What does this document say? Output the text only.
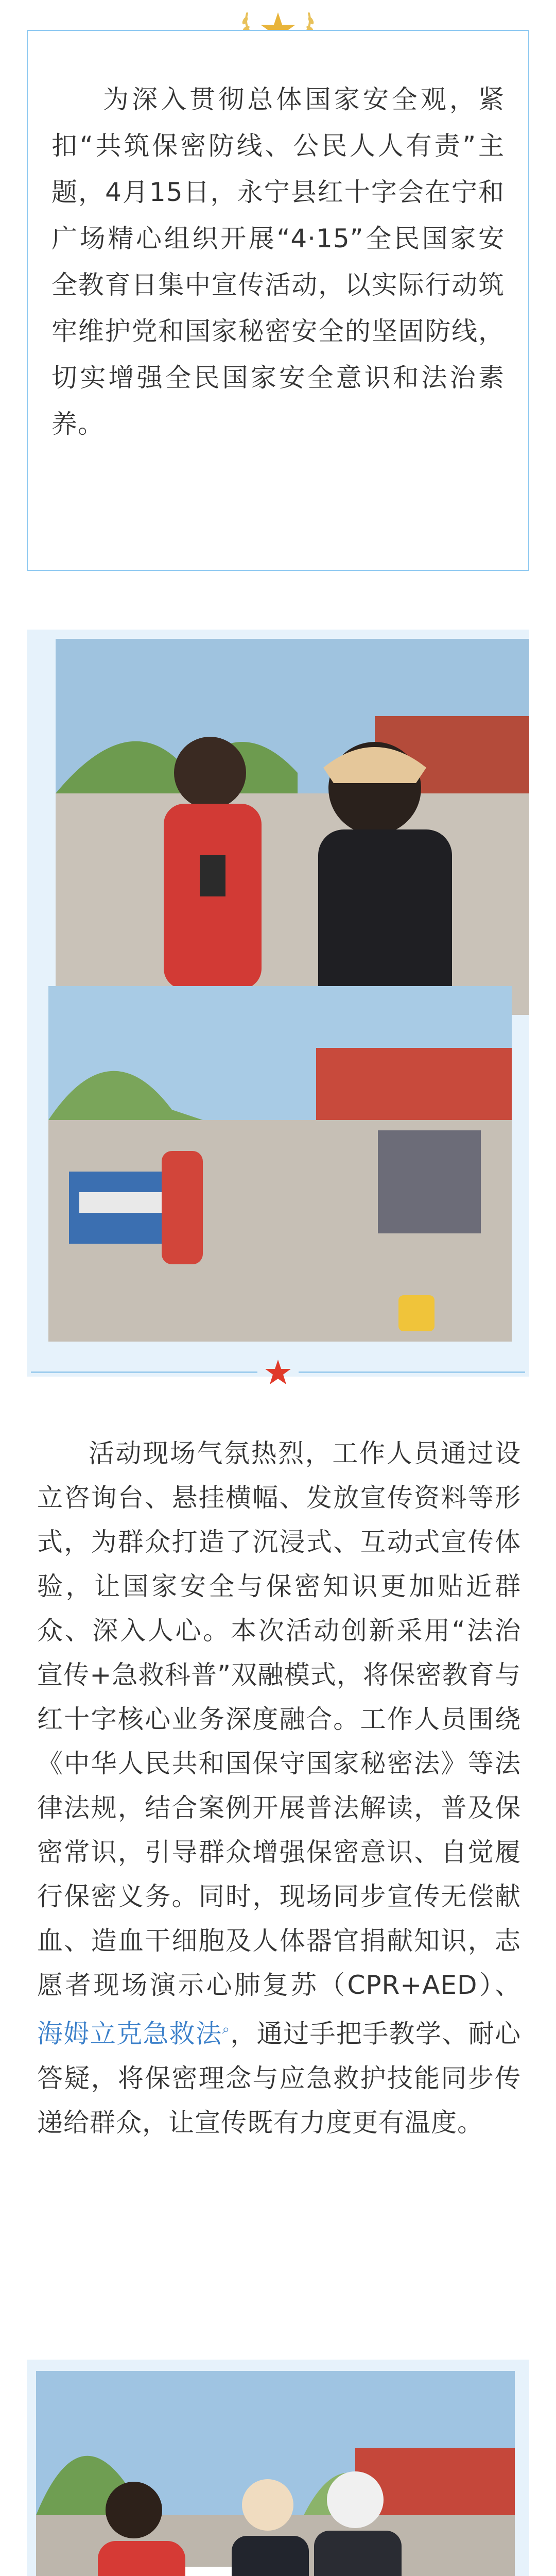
为深入贯彻总体国家安全观，紧扣“共筑保密防线、公民人人有责”主题，4月15日，永宁县红十字会在宁和广场精心组织开展“4·15”全民国家安全教育日集中宣传活动，以实际行动筑牢维护党和国家秘密安全的坚固防线，切实增强全民国家安全意识和法治素养。
活动现场气氛热烈，工作人员通过设立咨询台、悬挂横幅、发放宣传资料等形式，为群众打造了沉浸式、互动式宣传体验，让国家安全与保密知识更加贴近群众、深入人心。本次活动创新采用“法治宣传+急救科普”双融模式，将保密教育与红十字核心业务深度融合。工作人员围绕《中华人民共和国保守国家秘密法》等法律法规，结合案例开展普法解读，普及保密常识，引导群众增强保密意识、自觉履行保密义务。同时，现场同步宣传无偿献血、造血干细胞及人体器官捐献知识，志愿者现场演示心肺复苏（CPR+AED）、海姆立克急救法⌕，通过手把手教学、耐心答疑，将保密理念与应急救护技能同步传递给群众，让宣传既有力度更有温度。
